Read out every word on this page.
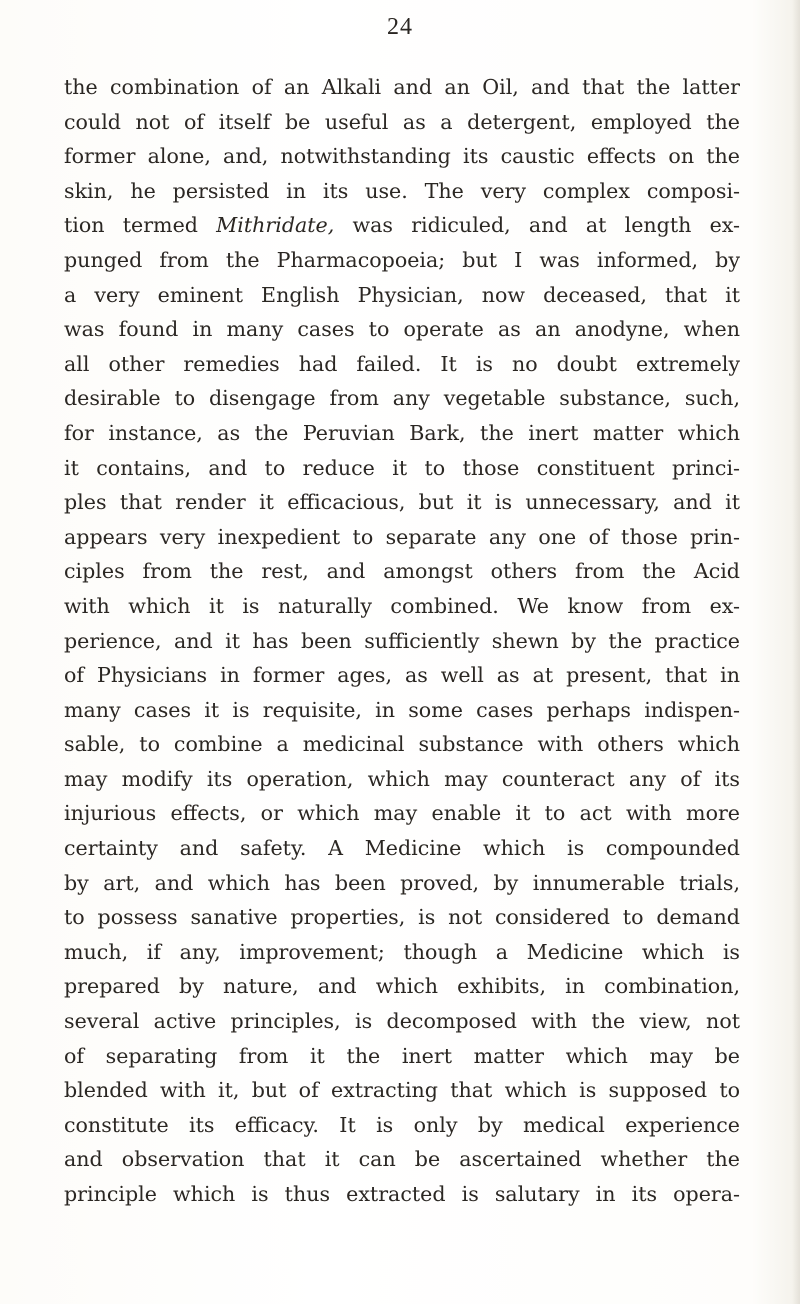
24
the combination of an Alkali and an Oil, and that the latter
could not of itself be useful as a detergent, employed the
former alone, and, notwithstanding its caustic effects on the
skin, he persisted in its use. The very complex composi-
tion termed Mithridate, was ridiculed, and at length ex-
punged from the Pharmacopoeia; but I was informed, by
a very eminent English Physician, now deceased, that it
was found in many cases to operate as an anodyne, when
all other remedies had failed. It is no doubt extremely
desirable to disengage from any vegetable substance, such,
for instance, as the Peruvian Bark, the inert matter which
it contains, and to reduce it to those constituent princi-
ples that render it efficacious, but it is unnecessary, and it
appears very inexpedient to separate any one of those prin-
ciples from the rest, and amongst others from the Acid
with which it is naturally combined. We know from ex-
perience, and it has been sufficiently shewn by the practice
of Physicians in former ages, as well as at present, that in
many cases it is requisite, in some cases perhaps indispen-
sable, to combine a medicinal substance with others which
may modify its operation, which may counteract any of its
injurious effects, or which may enable it to act with more
certainty and safety. A Medicine which is compounded
by art, and which has been proved, by innumerable trials,
to possess sanative properties, is not considered to demand
much, if any, improvement; though a Medicine which is
prepared by nature, and which exhibits, in combination,
several active principles, is decomposed with the view, not
of separating from it the inert matter which may be
blended with it, but of extracting that which is supposed to
constitute its efficacy. It is only by medical experience
and observation that it can be ascertained whether the
principle which is thus extracted is salutary in its opera-
